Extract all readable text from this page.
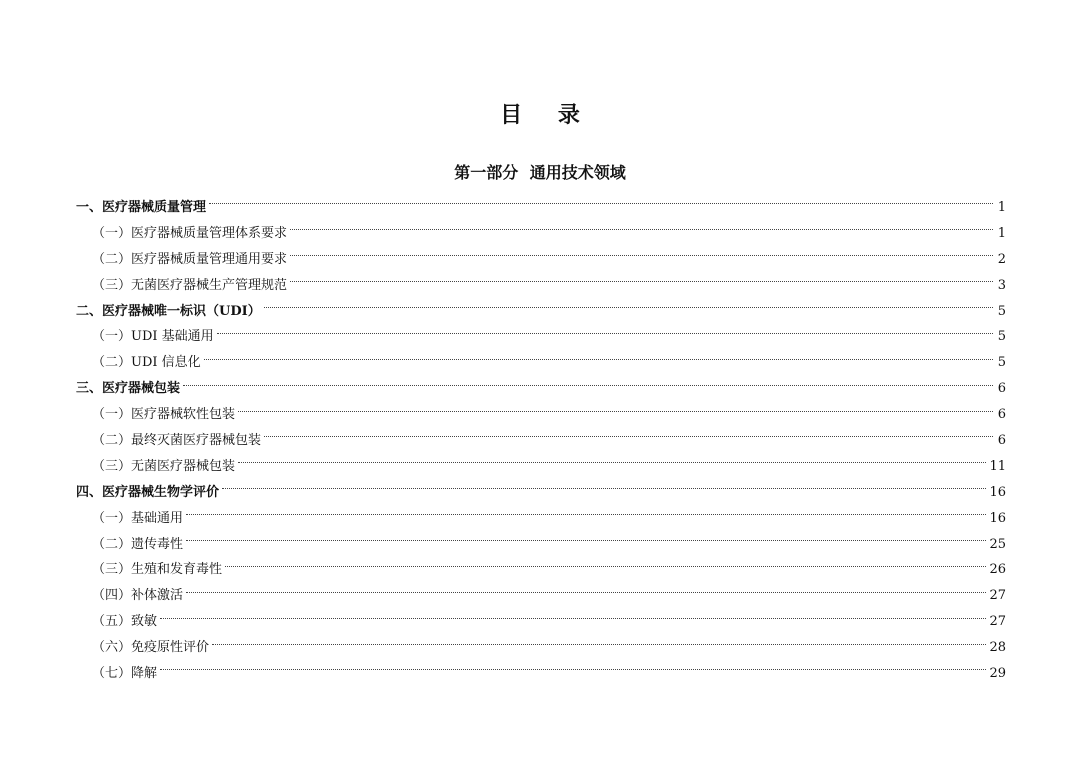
目 录
第一部分 通用技术领域
一、医疗器械质量管理	1
（一）医疗器械质量管理体系要求	1
（二）医疗器械质量管理通用要求	2
（三）无菌医疗器械生产管理规范	3
二、医疗器械唯一标识（UDI）	5
（一）UDI 基础通用	5
（二）UDI 信息化	5
三、医疗器械包装	6
（一）医疗器械软性包装	6
（二）最终灭菌医疗器械包装	6
（三）无菌医疗器械包装	11
四、医疗器械生物学评价	16
（一）基础通用	16
（二）遗传毒性	25
（三）生殖和发育毒性	26
（四）补体激活	27
（五）致敏	27
（六）免疫原性评价	28
（七）降解	29
